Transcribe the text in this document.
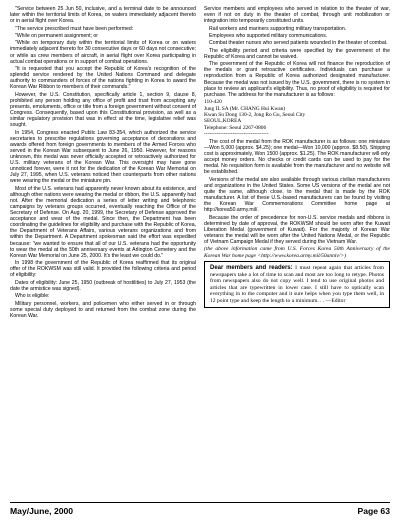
"Service between 25 Jun 50, inclusive, and a terminal date to be announced later within the territorial limits of Korea, on waters immediately adjacent thereto or in aerial flight over Korea.

"The service prescribed must have been performed:

"While on permanent assignment; or

"While on temporary duty within the territorial limits of Korea or on waters immediately adjacent thereto for 30 consecutive days or 60 days not consecutive; or while as crew members of aircraft, in aerial flight over Korea participating in actual combat operations or in support of combat operations.

"It is requested that you accept the Republic of Korea's recognition of the splendid service rendered by the United Nations Command and delegate authority to commanders of forces of the nations fighting in Korea to award the Korean War Ribbon to members of their commands."

However, the U.S. Constitution, specifically article 1, section 9, clause 8, prohibited any person holding any office of profit and trust from accepting any presents, emoluments, office or title from a foreign government without consent of Congress. Consequently, based upon this Constitutional provision, as well as a similar regulatory provision that was in effect at the time, legislative relief was sought.

In 1954, Congress enacted Public Law 83-354, which authorized the service secretaries to prescribe regulations governing acceptance of decorations and awards offered from foreign governments to members of the Armed Forces who served in the Korean War subsequent to June 26, 1950. However, for reasons unknown, this medal was never officially accepted or retroactively authorized for U.S. military veterans of the Korean War. This oversight may have gone unnoticed forever, were it not for the dedication of the Korean War Memorial on July 27, 1995, when U.S. veterans noticed their counterparts from other nations were wearing the medal or the miniature pin.

Most of the U.S. veterans had apparently never known about its existence, and although other nations were wearing the medal or ribbon, the U.S. apparently had not. After the memorial dedication a series of letter writing and telephonic campaigns by veterans groups occurred, eventually reaching the Office of the Secretary of Defense. On Aug. 20, 1999, the Secretary of Defense approved the acceptance and wear of the medal. Since then, the Department has been coordinating the guidelines for eligibility and purchase with the Republic of Korea, the Department of Veterans Affairs, various veterans organizations and from within the Department. A Department spokesman said the effort was expedited because: "we wanted to ensure that all of our U.S. veterans had the opportunity to wear the medal at the 50th anniversary events at Arlington Cemetery and the Korean War Memorial on June 25, 2000. It's the least we could do."

In 1998 the government of the Republic of Korea reaffirmed that its original offer of the ROKWSM was still valid. It provided the following criteria and period of eligibility:

Dates of eligibility: June 25, 1950 (outbreak of hostilities) to July 27, 1953 (the date the armistice was signed).

Who is eligible:

Military personnel, workers, and policemen who either served in or through some special duty deployed to and returned from the combat zone during the Korean War.

Service members and employees who served in relation to the theater of war, even if not on duty in the theater of combat, through unit mobilization or integration into temporarily constituted units.

Rail workers and mariners supporting military transportation.

Employees who supported military communications.

Combat theater nurses who served patients wounded in the theater of combat.

The eligibility period and criteria were specified by the government of the Republic of Korea and cannot be waived.

The government of the Republic of Korea will not finance the reproduction of the medals or grant retroactive certificates. Individuals can purchase a reproduction from a Republic of Korea authorized designated manufacturer. Because the medal was not issued by the U.S. government, there is no system in place to review an applicant's eligibility. Thus, no proof of eligibility is required for purchase. The address for the manufacturer is as follows:

110-420
Jung IL SA (Mr. CHANG Hui Kwan)
Kwan Su Dong 130-2, Jong Ro Gu, Seoul City
SEOUL,KOREA
Telephone: Seoul 2267-0806
------------------------------------

The cost of the medal from the ROK manufacturer is as follows: one miniature—Won 5,000 (approx. $4.25); one medal—Won 10,000 (approx. $8.50). Shipping cost is approximately, Won 1500 (approx. $1.25). The ROK manufacturer will only accept money orders. No checks or credit cards can be used to pay for the medal. No requisition form is available from the manufacturer and no website will be established.

Versions of the medal are also available through various civilian manufacturers and organizations in the United States. Some US versions of the medal are not quite the same, although close, to the medal that is made by the ROK manufacturer. A list of these U.S.-based manufacturers can be found by visiting the Korean War Commemorations Committee home page at http://korea50.army.mil/.

Because the order of precedence for non-U.S. service medals and ribbons is determined by date of approval, the ROKWSM should be worn after the Kuwait Liberation Medal (government of Kuwait). For the majority of Korean War veterans the medal will be worn after the United Nations Medal, or the Republic of Vietnam Campaign Medal if they served during the Vietnam War.

(the above information came from U.S. Forces Korea 50th Anniversary of the Korean War home page <http://www.korea.army.mil/50anniv/>)
Dear members and readers: I must repeat again that articles from newspapers take a lot of time to scan and most are too long to retype. Photos from newspapers also do not copy well. I tend to use original photos and articles that are typewritten in lower case. I still have to optically scan everything in to the computer and it sure helps when you type them well, in 12 point type and keep the length to a minimum. . . —Editor
May/June, 2000	Page 63
